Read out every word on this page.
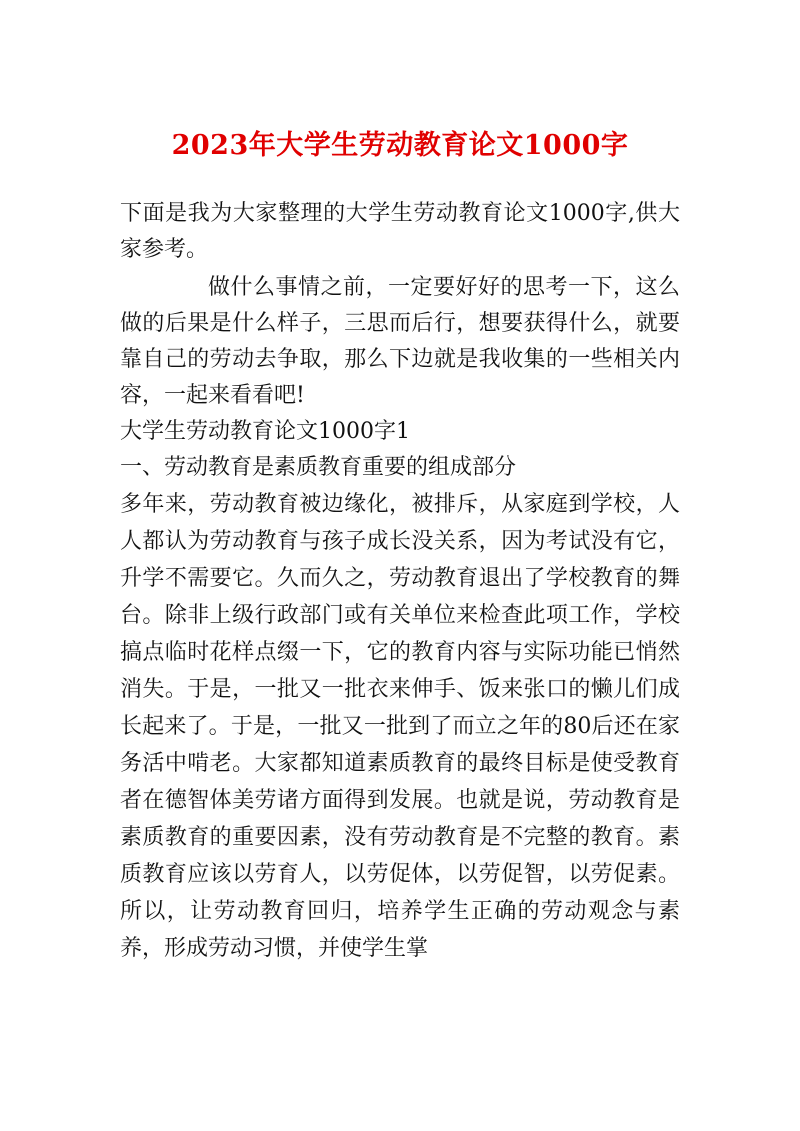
2023年大学生劳动教育论文1000字

下面是我为大家整理的大学生劳动教育论文1000字,供大家参考。

做什么事情之前，一定要好好的思考一下，这么做的后果是什么样子，三思而后行，想要获得什么，就要靠自己的劳动去争取，那么下边就是我收集的一些相关内容，一起来看看吧!

大学生劳动教育论文1000字1

一、劳动教育是素质教育重要的组成部分

多年来，劳动教育被边缘化，被排斥，从家庭到学校，人人都认为劳动教育与孩子成长没关系，因为考试没有它，升学不需要它。久而久之，劳动教育退出了学校教育的舞台。除非上级行政部门或有关单位来检查此项工作，学校搞点临时花样点缀一下，它的教育内容与实际功能已悄然消失。于是，一批又一批衣来伸手、饭来张口的懒儿们成长起来了。于是，一批又一批到了而立之年的80后还在家务活中啃老。大家都知道素质教育的最终目标是使受教育者在德智体美劳诸方面得到发展。也就是说，劳动教育是素质教育的重要因素，没有劳动教育是不完整的教育。素质教育应该以劳育人，以劳促体，以劳促智，以劳促素。所以，让劳动教育回归，培养学生正确的劳动观念与素养，形成劳动习惯，并使学生掌
